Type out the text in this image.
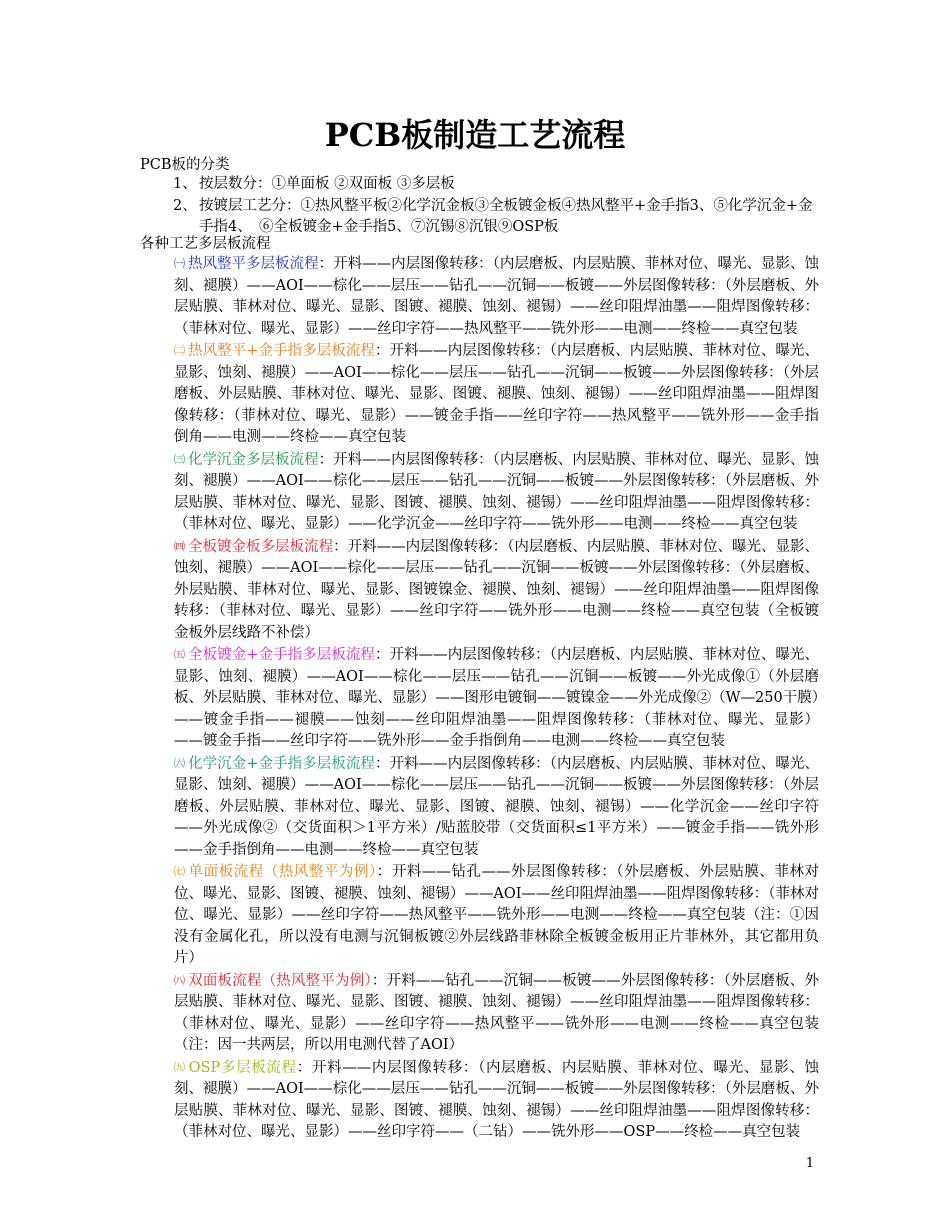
PCB板制造工艺流程
PCB板的分类
1、 按层数分：①单面板 ②双面板 ③多层板
2、 按镀层工艺分：①热风整平板②化学沉金板③全板镀金板④热风整平+金手指3、⑤化学沉金+金手指4、　⑥全板镀金+金手指5、⑦沉锡⑧沉银⑨OSP板
各种工艺多层板流程

㈠ 热风整平多层板流程：开料——内层图像转移：（内层磨板、内层贴膜、菲林对位、曝光、显影、蚀刻、褪膜）——AOI——棕化——层压——钻孔——沉铜——板镀——外层图像转移：（外层磨板、外层贴膜、菲林对位、曝光、显影、图镀、褪膜、蚀刻、褪锡）——丝印阻焊油墨——阻焊图像转移：（菲林对位、曝光、显影）——丝印字符——热风整平——铣外形——电测——终检——真空包装

㈡ 热风整平+金手指多层板流程：开料——内层图像转移：（内层磨板、内层贴膜、菲林对位、曝光、显影、蚀刻、褪膜）——AOI——棕化——层压——钻孔——沉铜——板镀——外层图像转移：（外层磨板、外层贴膜、菲林对位、曝光、显影、图镀、褪膜、蚀刻、褪锡）——丝印阻焊油墨——阻焊图像转移：（菲林对位、曝光、显影）——镀金手指——丝印字符——热风整平——铣外形——金手指倒角——电测——终检——真空包装

㈢ 化学沉金多层板流程：开料——内层图像转移：（内层磨板、内层贴膜、菲林对位、曝光、显影、蚀刻、褪膜）——AOI——棕化——层压——钻孔——沉铜——板镀——外层图像转移：（外层磨板、外层贴膜、菲林对位、曝光、显影、图镀、褪膜、蚀刻、褪锡）——丝印阻焊油墨——阻焊图像转移：（菲林对位、曝光、显影）——化学沉金——丝印字符——铣外形——电测——终检——真空包装

㈣ 全板镀金板多层板流程：开料——内层图像转移：（内层磨板、内层贴膜、菲林对位、曝光、显影、蚀刻、褪膜）——AOI——棕化——层压——钻孔——沉铜——板镀——外层图像转移：（外层磨板、外层贴膜、菲林对位、曝光、显影、图镀镍金、褪膜、蚀刻、褪锡）——丝印阻焊油墨——阻焊图像转移：（菲林对位、曝光、显影）——丝印字符——铣外形——电测——终检——真空包装（全板镀金板外层线路不补偿）

㈤ 全板镀金+金手指多层板流程：开料——内层图像转移：（内层磨板、内层贴膜、菲林对位、曝光、显影、蚀刻、褪膜）——AOI——棕化——层压——钻孔——沉铜——板镀——外光成像①（外层磨板、外层贴膜、菲林对位、曝光、显影）——图形电镀铜——镀镍金——外光成像②（W—250干膜）——镀金手指——褪膜——蚀刻——丝印阻焊油墨——阻焊图像转移：（菲林对位、曝光、显影）——镀金手指——丝印字符——铣外形——金手指倒角——电测——终检——真空包装

㈥ 化学沉金+金手指多层板流程：开料——内层图像转移：（内层磨板、内层贴膜、菲林对位、曝光、显影、蚀刻、褪膜）——AOI——棕化——层压——钻孔——沉铜——板镀——外层图像转移：（外层磨板、外层贴膜、菲林对位、曝光、显影、图镀、褪膜、蚀刻、褪锡）——化学沉金——丝印字符——外光成像②（交货面积＞1平方米）/贴蓝胶带（交货面积≤1平方米）——镀金手指——铣外形——金手指倒角——电测——终检——真空包装

㈦ 单面板流程（热风整平为例）：开料——钻孔——外层图像转移：（外层磨板、外层贴膜、菲林对位、曝光、显影、图镀、褪膜、蚀刻、褪锡）——AOI——丝印阻焊油墨——阻焊图像转移：（菲林对位、曝光、显影）——丝印字符——热风整平——铣外形——电测——终检——真空包装（注：①因没有金属化孔，所以没有电测与沉铜板镀②外层线路菲林除全板镀金板用正片菲林外，其它都用负片）

㈧ 双面板流程（热风整平为例）：开料——钻孔——沉铜——板镀——外层图像转移：（外层磨板、外层贴膜、菲林对位、曝光、显影、图镀、褪膜、蚀刻、褪锡）——丝印阻焊油墨——阻焊图像转移：（菲林对位、曝光、显影）——丝印字符——热风整平——铣外形——电测——终检——真空包装（注：因一共两层，所以用电测代替了AOI）

㈨ OSP多层板流程：开料——内层图像转移：（内层磨板、内层贴膜、菲林对位、曝光、显影、蚀刻、褪膜）——AOI——棕化——层压——钻孔——沉铜——板镀——外层图像转移：（外层磨板、外层贴膜、菲林对位、曝光、显影、图镀、褪膜、蚀刻、褪锡）——丝印阻焊油墨——阻焊图像转移：（菲林对位、曝光、显影）——丝印字符——（二钻）——铣外形——OSP——终检——真空包装

1
